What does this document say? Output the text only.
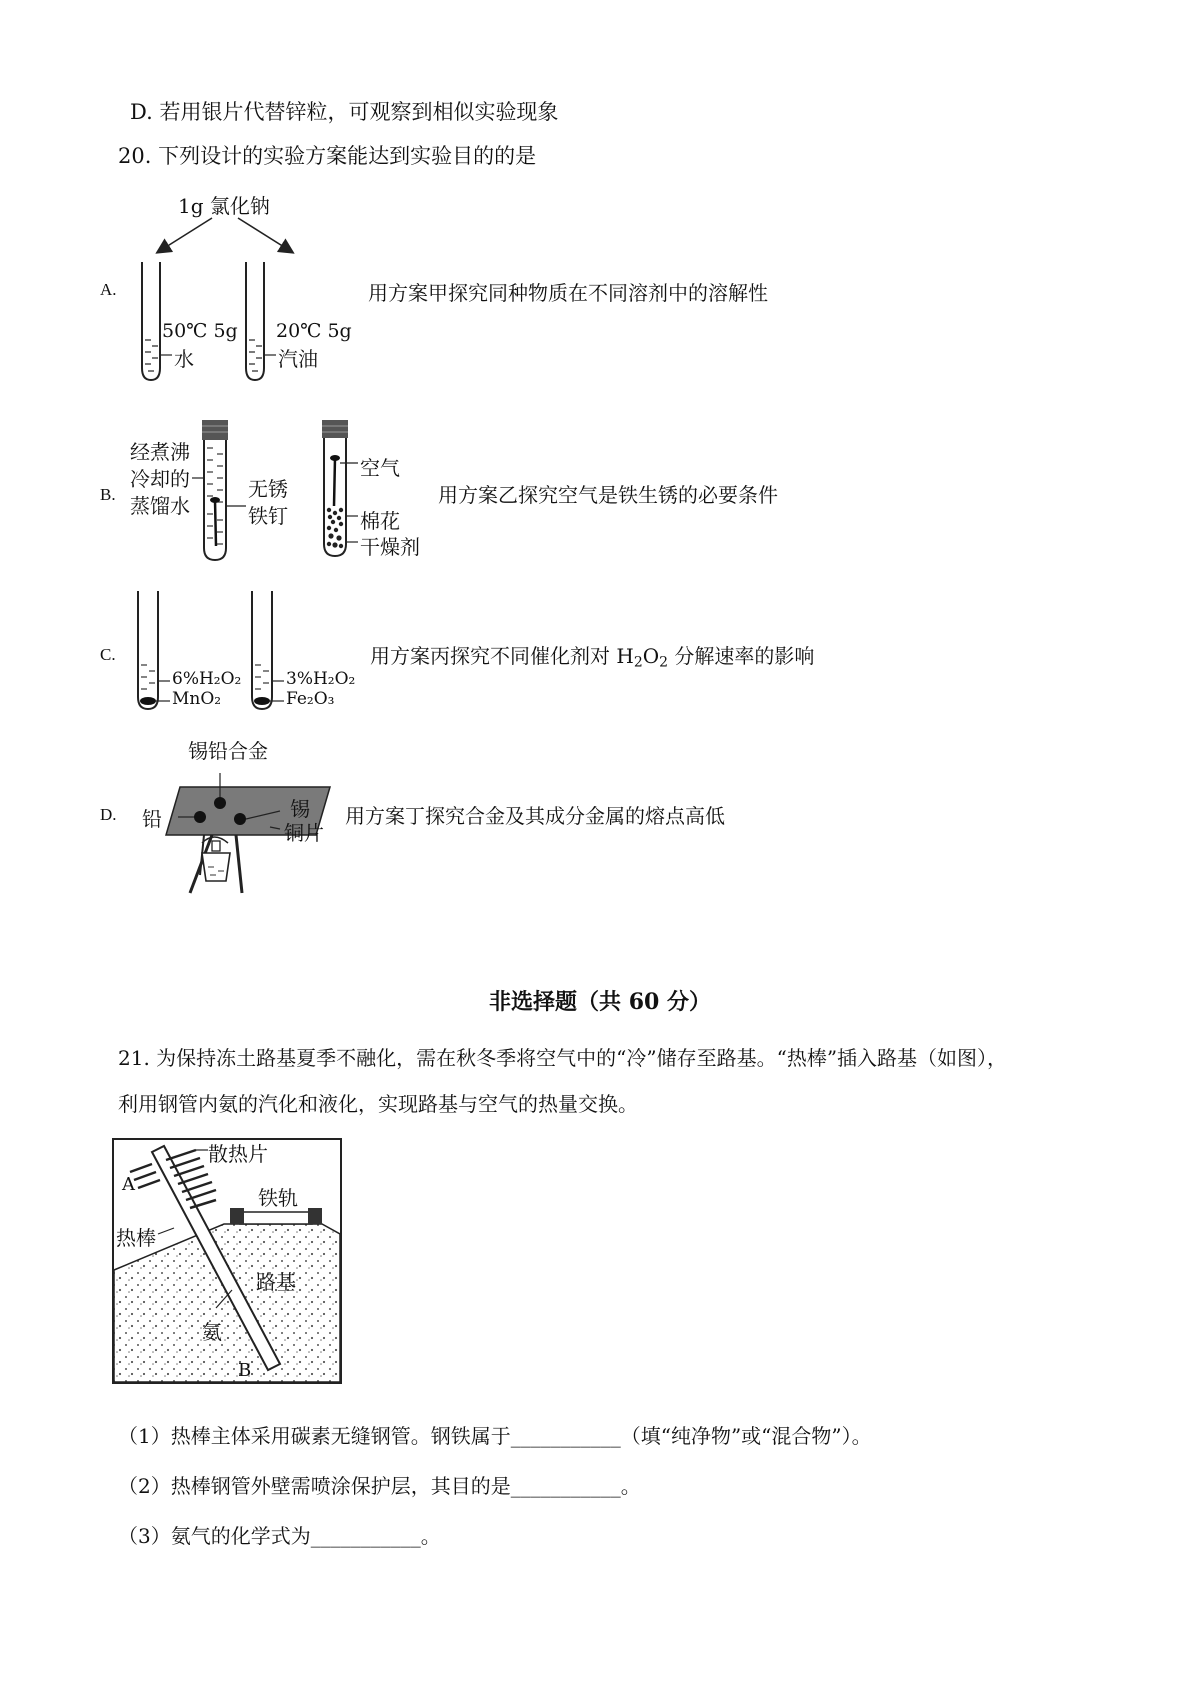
D. 若用银片代替锌粒，可观察到相似实验现象
20. 下列设计的实验方案能达到实验目的的是
A.
1g 氯化钠
50℃ 5g
水
20℃ 5g
汽油
用方案甲探究同种物质在不同溶剂中的溶解性
B.
经煮沸
冷却的
蒸馏水
无锈
铁钉
空气
棉花
干燥剂
用方案乙探究空气是铁生锈的必要条件
C.
6%H₂O₂
MnO₂
3%H₂O₂
Fe₂O₃
用方案丙探究不同催化剂对 $H_2O_2$ 分解速率的影响
D.
锡铅合金
铅	锡
铜片
用方案丁探究合金及其成分金属的熔点高低
非选择题（共 60 分）
21. 为保持冻土路基夏季不融化，需在秋冬季将空气中的“冷”储存至路基。“热棒”插入路基（如图），
利用钢管内氨的汽化和液化，实现路基与空气的热量交换。
散热片
A
热棒
铁轨
路基
氨
B
（1）热棒主体采用碳素无缝钢管。钢铁属于___________（填“纯净物”或“混合物”）。
（2）热棒钢管外壁需喷涂保护层，其目的是___________。
（3）氨气的化学式为___________。
